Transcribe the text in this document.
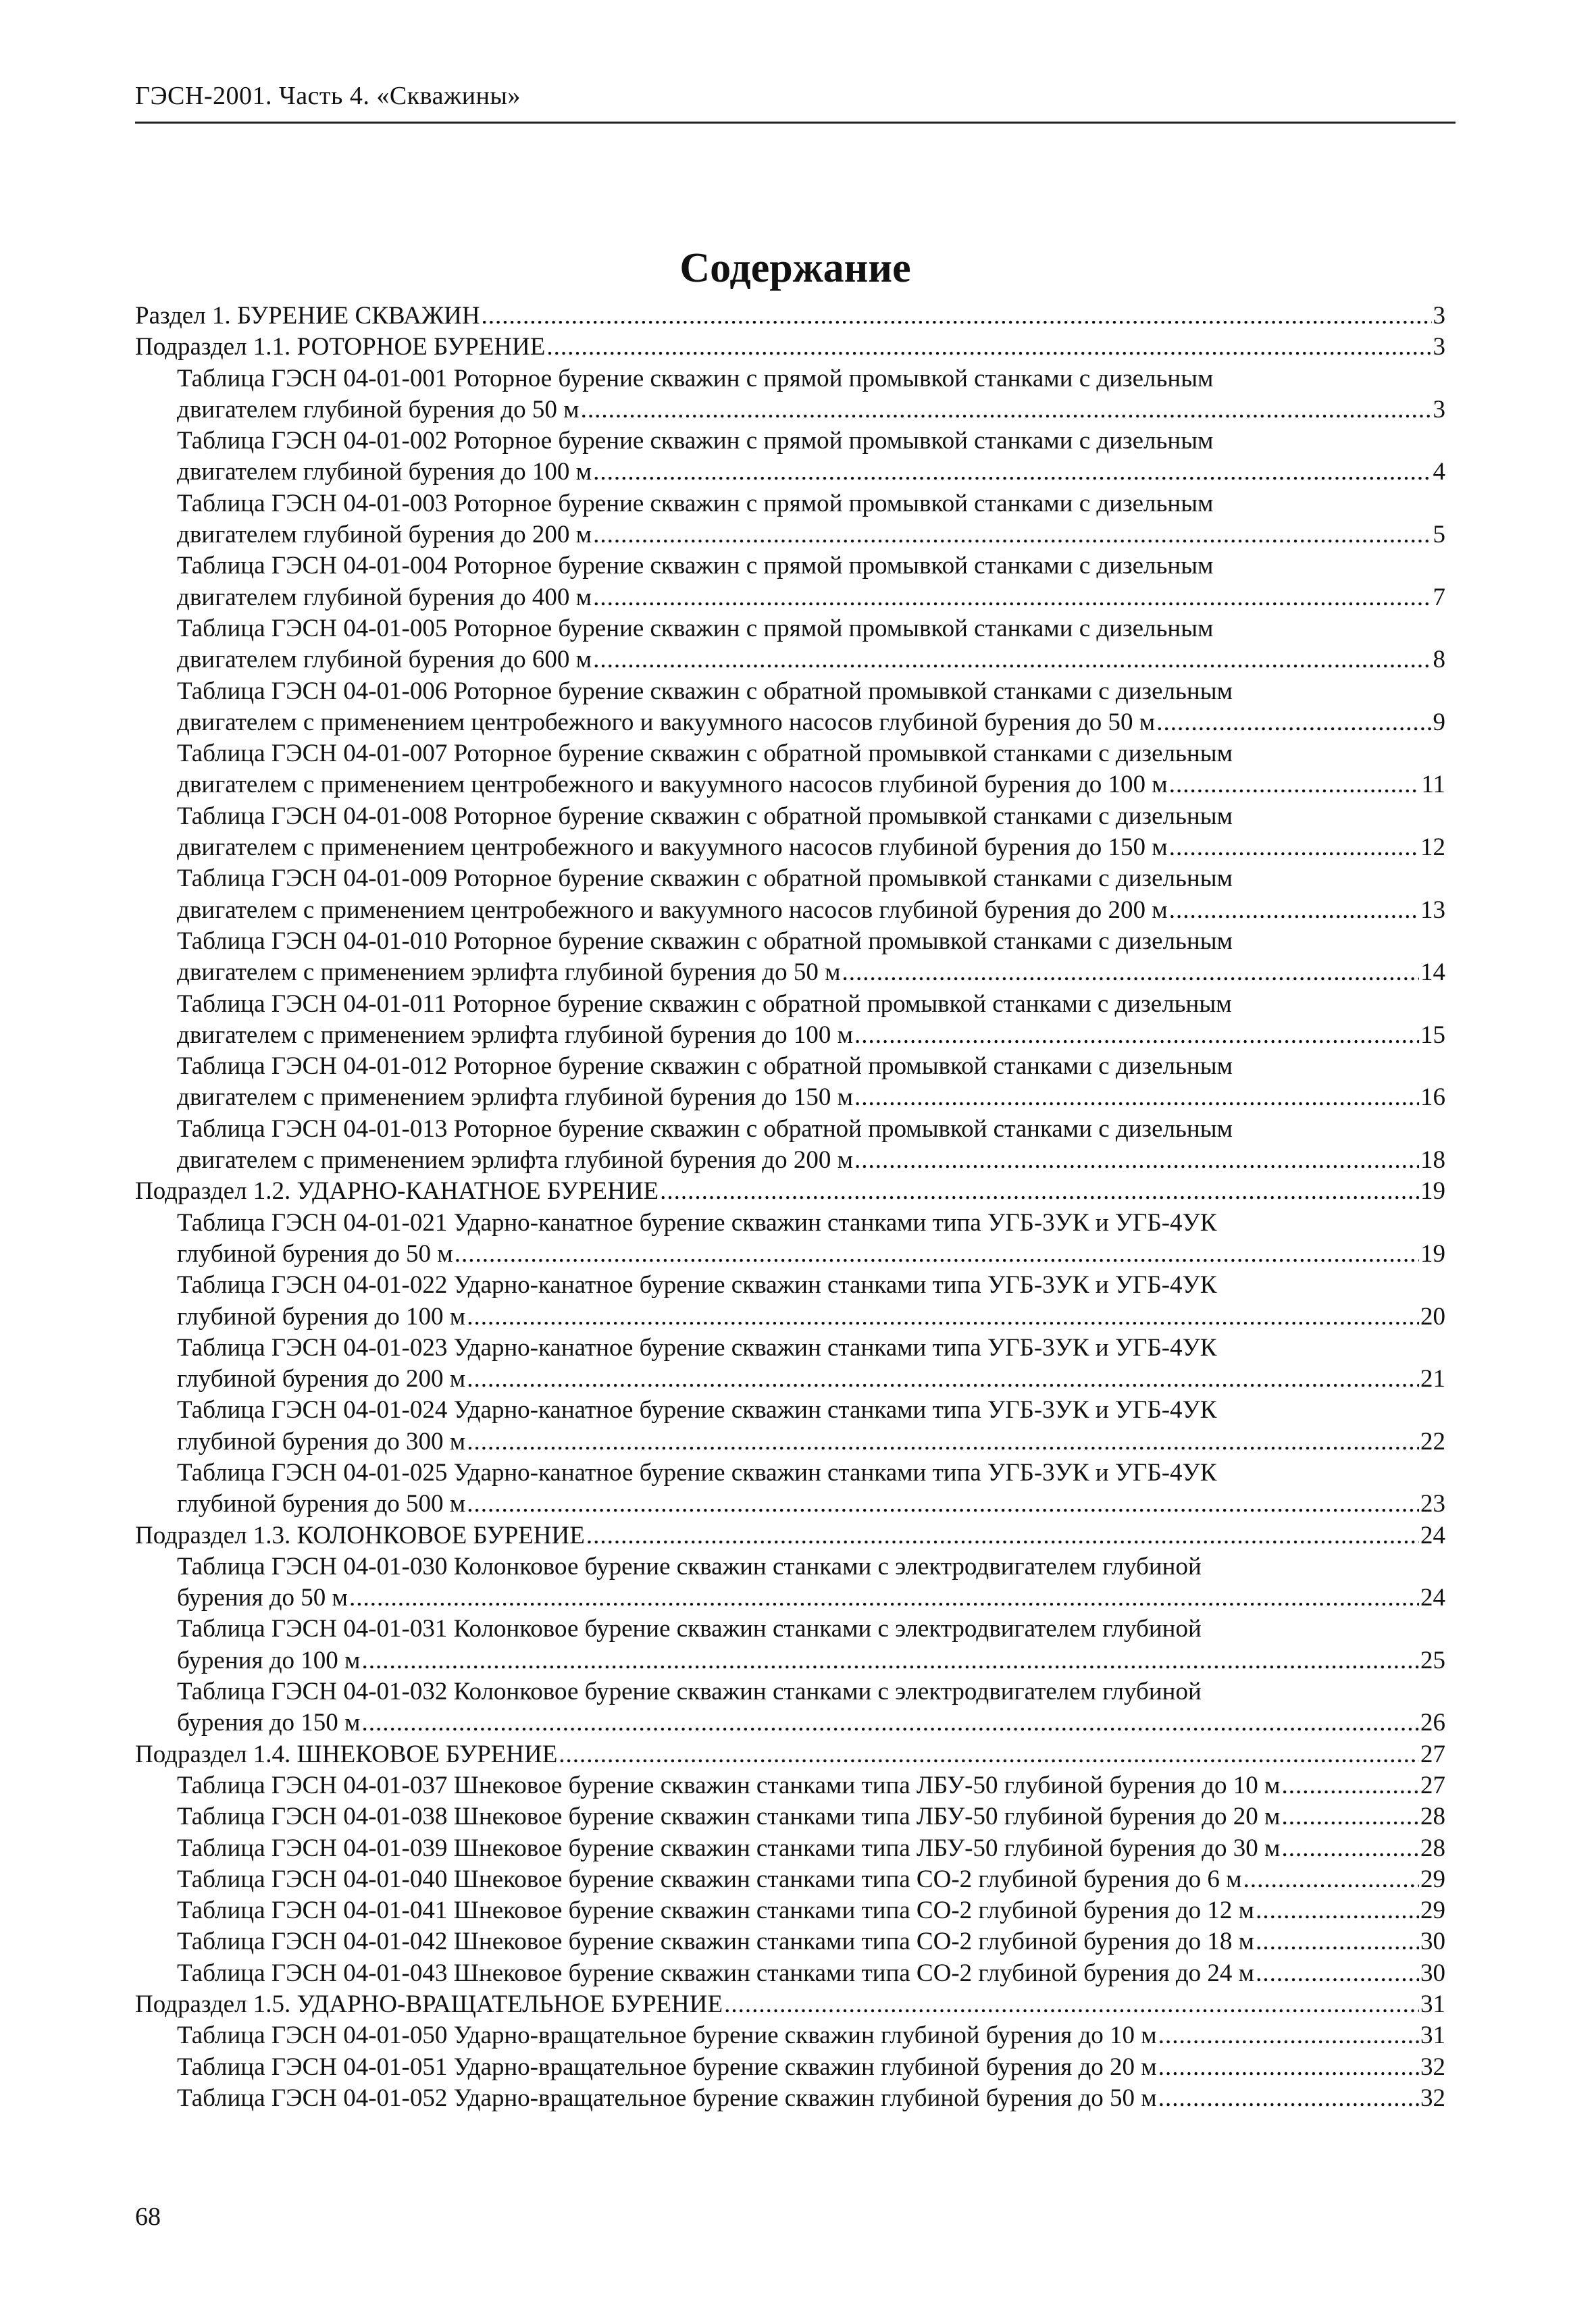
ГЭСН-2001. Часть 4. «Скважины»
Содержание
Раздел 1. БУРЕНИЕ СКВАЖИН .....	3
Подраздел 1.1. РОТОРНОЕ БУРЕНИЕ .....	3
Таблица ГЭСН 04-01-001 Роторное бурение скважин с прямой промывкой станками с дизельным
двигателем глубиной бурения до 50 м .....	3
Таблица ГЭСН 04-01-002 Роторное бурение скважин с прямой промывкой станками с дизельным
двигателем глубиной бурения до 100 м .....	4
Таблица ГЭСН 04-01-003 Роторное бурение скважин с прямой промывкой станками с дизельным
двигателем глубиной бурения до 200 м .....	5
Таблица ГЭСН 04-01-004 Роторное бурение скважин с прямой промывкой станками с дизельным
двигателем глубиной бурения до 400 м .....	7
Таблица ГЭСН 04-01-005 Роторное бурение скважин с прямой промывкой станками с дизельным
двигателем глубиной бурения до 600 м .....	8
Таблица ГЭСН 04-01-006 Роторное бурение скважин с обратной промывкой станками с дизельным
двигателем с применением центробежного и вакуумного насосов глубиной бурения до 50 м .....	9
Таблица ГЭСН 04-01-007 Роторное бурение скважин с обратной промывкой станками с дизельным
двигателем с применением центробежного и вакуумного насосов глубиной бурения до 100 м .....	11
Таблица ГЭСН 04-01-008 Роторное бурение скважин с обратной промывкой станками с дизельным
двигателем с применением центробежного и вакуумного насосов глубиной бурения до 150 м .....	12
Таблица ГЭСН 04-01-009 Роторное бурение скважин с обратной промывкой станками с дизельным
двигателем с применением центробежного и вакуумного насосов глубиной бурения до 200 м .....	13
Таблица ГЭСН 04-01-010 Роторное бурение скважин с обратной промывкой станками с дизельным
двигателем с применением эрлифта глубиной бурения до 50 м .....	14
Таблица ГЭСН 04-01-011 Роторное бурение скважин с обратной промывкой станками с дизельным
двигателем с применением эрлифта глубиной бурения до 100 м .....	15
Таблица ГЭСН 04-01-012 Роторное бурение скважин с обратной промывкой станками с дизельным
двигателем с применением эрлифта глубиной бурения до 150 м .....	16
Таблица ГЭСН 04-01-013 Роторное бурение скважин с обратной промывкой станками с дизельным
двигателем с применением эрлифта глубиной бурения до 200 м .....	18
Подраздел 1.2. УДАРНО-КАНАТНОЕ БУРЕНИЕ .....	19
Таблица ГЭСН 04-01-021 Ударно-канатное бурение скважин станками типа УГБ-3УК и УГБ-4УК
глубиной бурения до 50 м .....	19
Таблица ГЭСН 04-01-022 Ударно-канатное бурение скважин станками типа УГБ-3УК и УГБ-4УК
глубиной бурения до 100 м .....	20
Таблица ГЭСН 04-01-023 Ударно-канатное бурение скважин станками типа УГБ-3УК и УГБ-4УК
глубиной бурения до 200 м .....	21
Таблица ГЭСН 04-01-024 Ударно-канатное бурение скважин станками типа УГБ-3УК и УГБ-4УК
глубиной бурения до 300 м .....	22
Таблица ГЭСН 04-01-025 Ударно-канатное бурение скважин станками типа УГБ-3УК и УГБ-4УК
глубиной бурения до 500 м .....	23
Подраздел 1.3. КОЛОНКОВОЕ БУРЕНИЕ .....	24
Таблица ГЭСН 04-01-030 Колонковое бурение скважин станками с электродвигателем глубиной
бурения до 50 м .....	24
Таблица ГЭСН 04-01-031 Колонковое бурение скважин станками с электродвигателем глубиной
бурения до 100 м .....	25
Таблица ГЭСН 04-01-032 Колонковое бурение скважин станками с электродвигателем глубиной
бурения до 150 м .....	26
Подраздел 1.4. ШНЕКОВОЕ БУРЕНИЕ .....	27
Таблица ГЭСН 04-01-037 Шнековое бурение скважин станками типа ЛБУ-50 глубиной бурения до 10 м .....	27
Таблица ГЭСН 04-01-038 Шнековое бурение скважин станками типа ЛБУ-50 глубиной бурения до 20 м .....	28
Таблица ГЭСН 04-01-039 Шнековое бурение скважин станками типа ЛБУ-50 глубиной бурения до 30 м .....	28
Таблица ГЭСН 04-01-040 Шнековое бурение скважин станками типа СО-2 глубиной бурения до 6 м .....	29
Таблица ГЭСН 04-01-041 Шнековое бурение скважин станками типа СО-2 глубиной бурения до 12 м .....	29
Таблица ГЭСН 04-01-042 Шнековое бурение скважин станками типа СО-2 глубиной бурения до 18 м .....	30
Таблица ГЭСН 04-01-043 Шнековое бурение скважин станками типа СО-2 глубиной бурения до 24 м .....	30
Подраздел 1.5. УДАРНО-ВРАЩАТЕЛЬНОЕ БУРЕНИЕ .....	31
Таблица ГЭСН 04-01-050 Ударно-вращательное бурение скважин глубиной бурения до 10 м .....	31
Таблица ГЭСН 04-01-051 Ударно-вращательное бурение скважин глубиной бурения до 20 м .....	32
Таблица ГЭСН 04-01-052 Ударно-вращательное бурение скважин глубиной бурения до 50 м .....	32
68
